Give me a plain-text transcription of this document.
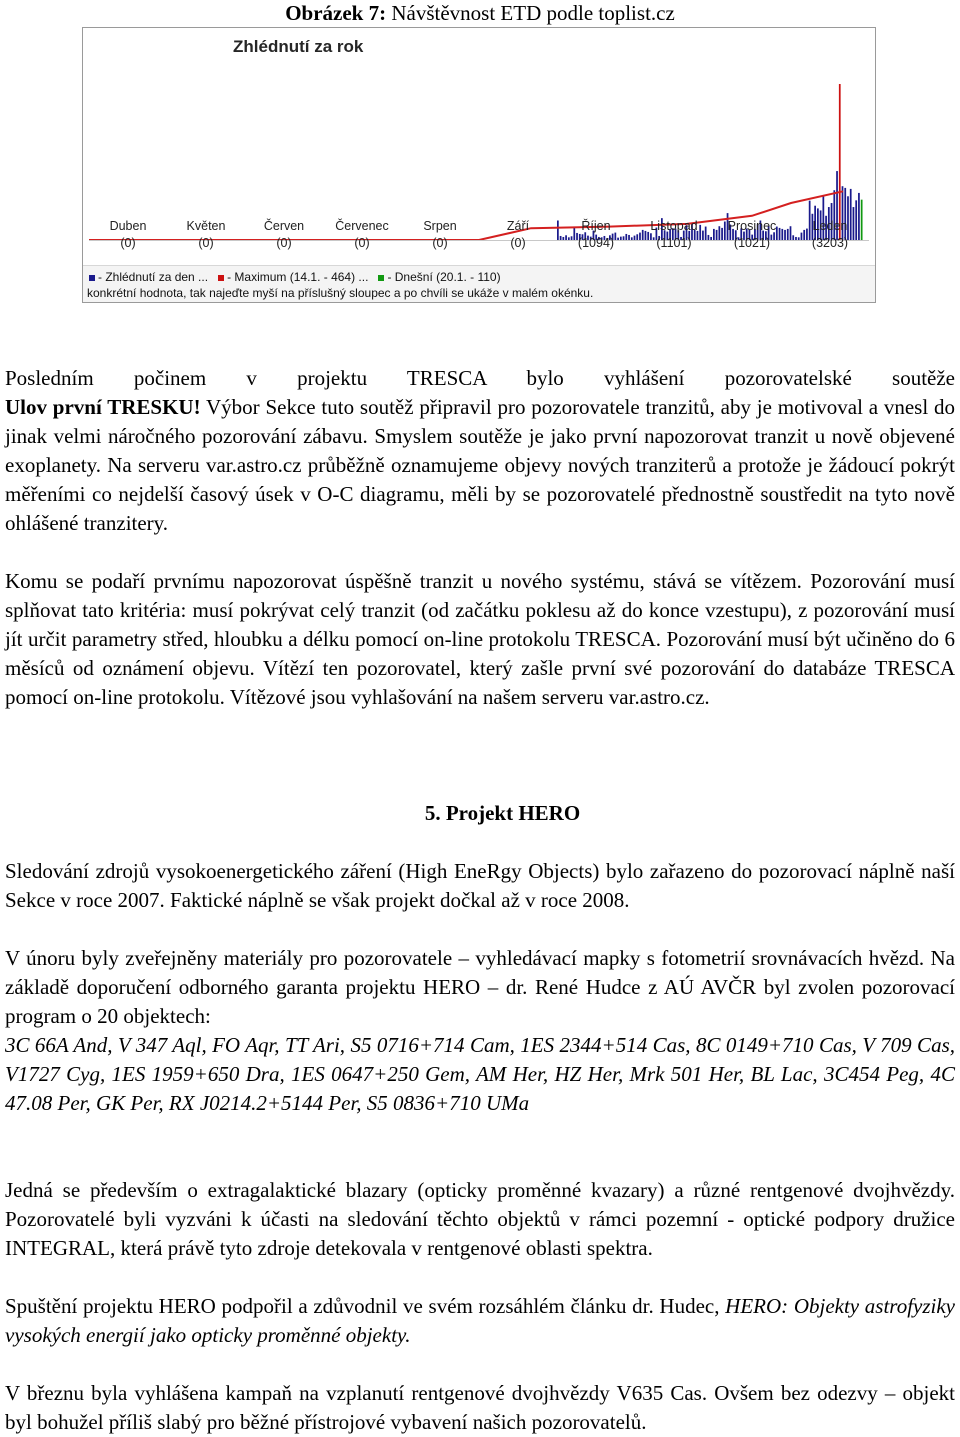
Obrázek 7: Návštěvnost ETD podle toplist.cz
Zhlédnutí za rok
Duben
(0)
Květen
(0)
Červen
(0)
Červenec
(0)
Srpen
(0)
Září
(0)
Říjen
(1094)
Listopad
(1101)
Prosinec
(1021)
Leden
(3203)
- Zhlédnutí za den ... - Maximum (14.1. - 464) ... - Dnešní (20.1. - 110)
konkrétní hodnota, tak najeďte myší na příslušný sloupec a po chvíli se ukáže v malém okénku.
Posledním počinem v projektu TRESCA bylo vyhlášení pozorovatelské soutěže
Ulov první TRESKU! Výbor Sekce tuto soutěž připravil pro pozorovatele tranzitů, aby je motivoval a vnesl do jinak velmi náročného pozorování zábavu. Smyslem soutěže je jako první napozorovat tranzit u nově objevené exoplanety. Na serveru var.astro.cz průběžně oznamujeme objevy nových tranziterů a protože je žádoucí pokrýt měřeními co nejdelší časový úsek v O-C diagramu, měli by se pozorovatelé přednostně soustředit na tyto nově ohlášené tranzitery.
Komu se podaří prvnímu napozorovat úspěšně tranzit u nového systému, stává se vítězem. Pozorování musí splňovat tato kritéria: musí pokrývat celý tranzit (od začátku poklesu až do konce vzestupu), z pozorování musí jít určit parametry střed, hloubku a délku pomocí on-line protokolu TRESCA. Pozorování musí být učiněno do 6 měsíců od oznámení objevu. Vítězí ten pozorovatel, který zašle první své pozorování do databáze TRESCA pomocí on-line protokolu. Vítězové jsou vyhlašování na našem serveru var.astro.cz.
5. Projekt HERO
Sledování zdrojů vysokoenergetického záření (High EneRgy Objects) bylo zařazeno do pozorovací náplně naší Sekce v roce 2007. Faktické náplně se však projekt dočkal až v roce 2008.
V únoru byly zveřejněny materiály pro pozorovatele – vyhledávací mapky s fotometrií srovnávacích hvězd. Na základě doporučení odborného garanta projektu HERO – dr. René Hudce z AÚ AVČR byl zvolen pozorovací program o 20 objektech:
3C 66A And, V 347 Aql, FO Aqr, TT Ari, S5 0716+714 Cam, 1ES 2344+514 Cas, 8C 0149+710 Cas, V 709 Cas, V1727 Cyg, 1ES 1959+650 Dra, 1ES 0647+250 Gem, AM Her, HZ Her, Mrk 501 Her, BL Lac, 3C454 Peg, 4C 47.08 Per, GK Per, RX J0214.2+5144 Per, S5 0836+710 UMa
Jedná se především o extragalaktické blazary (opticky proměnné kvazary) a různé rentgenové dvojhvězdy. Pozorovatelé byli vyzváni k účasti na sledování těchto objektů v rámci pozemní - optické podpory družice INTEGRAL, která právě tyto zdroje detekovala v rentgenové oblasti spektra.
Spuštění projektu HERO podpořil a zdůvodnil ve svém rozsáhlém článku dr. Hudec, HERO: Objekty astrofyziky vysokých energií jako opticky proměnné objekty.
V březnu byla vyhlášena kampaň na vzplanutí rentgenové dvojhvězdy V635 Cas. Ovšem bez odezvy – objekt byl bohužel příliš slabý pro běžné přístrojové vybavení našich pozorovatelů.
